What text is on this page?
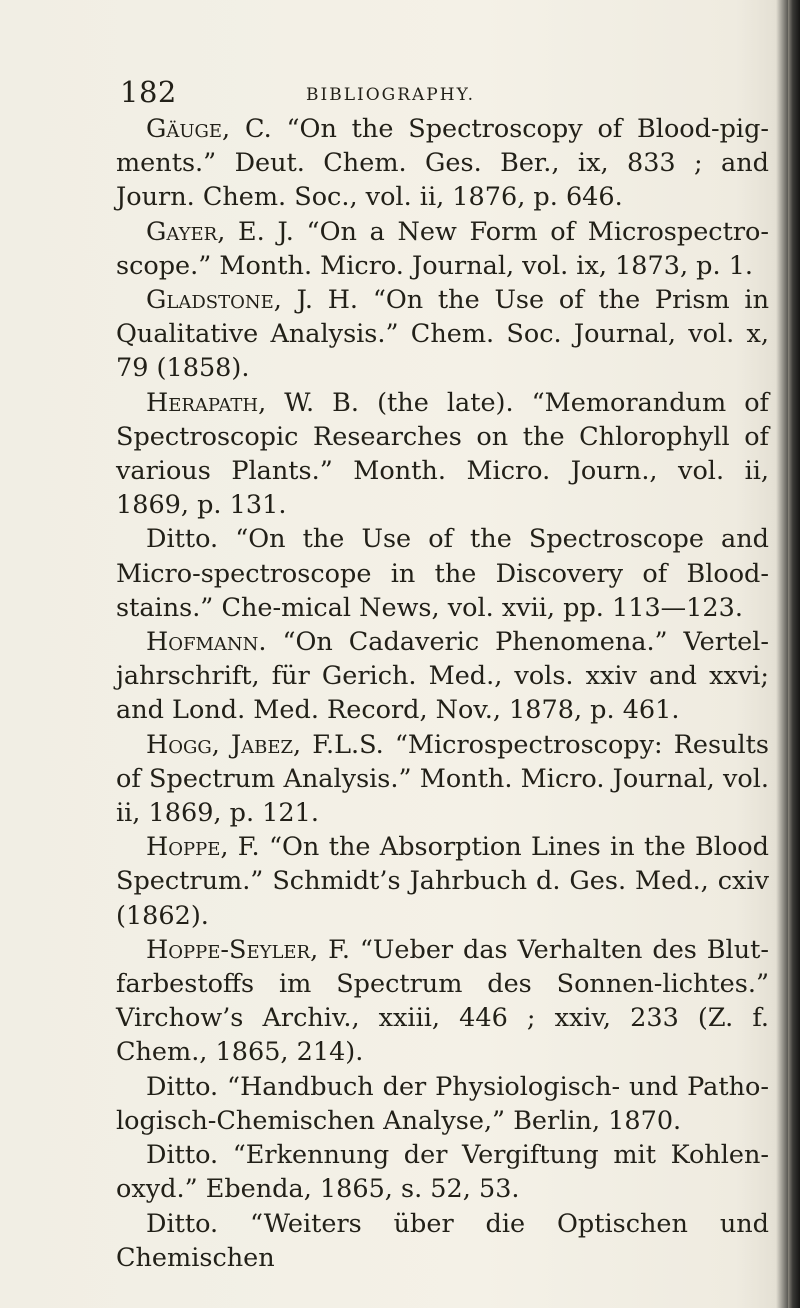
182	BIBLIOGRAPHY.

Gäuge, C. “On the Spectroscopy of Blood-pig-ments.” Deut. Chem. Ges. Ber., ix, 833 ; and Journ. Chem. Soc., vol. ii, 1876, p. 646.

Gayer, E. J. “On a New Form of Microspectro-scope.” Month. Micro. Journal, vol. ix, 1873, p. 1.

Gladstone, J. H. “On the Use of the Prism in Qualitative Analysis.” Chem. Soc. Journal, vol. x, 79 (1858).

Herapath, W. B. (the late). “Memorandum of Spectroscopic Researches on the Chlorophyll of various Plants.” Month. Micro. Journ., vol. ii, 1869, p. 131.

Ditto. “On the Use of the Spectroscope and Micro-spectroscope in the Discovery of Blood-stains.” Che-mical News, vol. xvii, pp. 113—123.

Hofmann. “On Cadaveric Phenomena.” Vertel-jahrschrift, für Gerich. Med., vols. xxiv and xxvi; and Lond. Med. Record, Nov., 1878, p. 461.

Hogg, Jabez, F.L.S. “Microspectroscopy: Results of Spectrum Analysis.” Month. Micro. Journal, vol. ii, 1869, p. 121.

Hoppe, F. “On the Absorption Lines in the Blood Spectrum.” Schmidt’s Jahrbuch d. Ges. Med., cxiv (1862).

Hoppe-Seyler, F. “Ueber das Verhalten des Blut-farbestoffs im Spectrum des Sonnen-lichtes.” Virchow’s Archiv., xxiii, 446 ; xxiv, 233 (Z. f. Chem., 1865, 214).

Ditto. “Handbuch der Physiologisch- und Patho-logisch-Chemischen Analyse,” Berlin, 1870.

Ditto. “Erkennung der Vergiftung mit Kohlen-oxyd.” Ebenda, 1865, s. 52, 53.

Ditto. “Weiters über die Optischen und Chemischen
